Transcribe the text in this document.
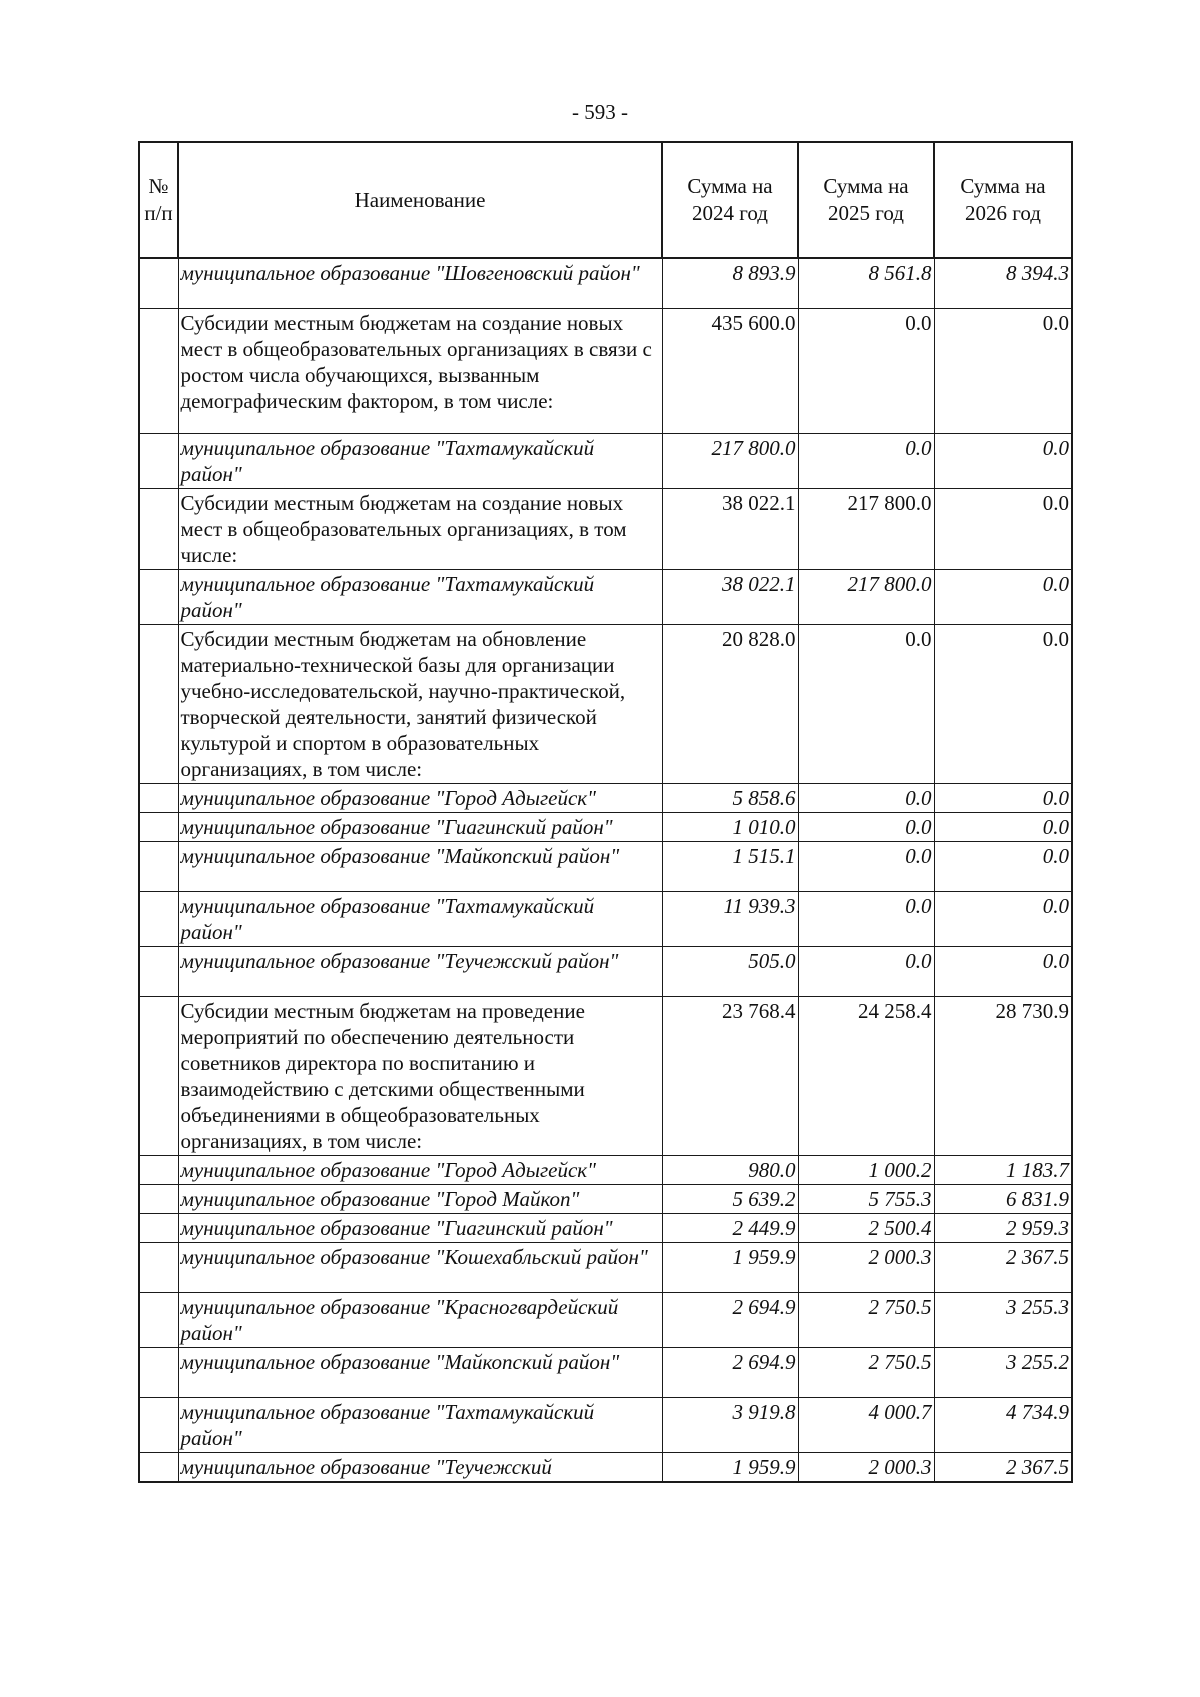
- 593 -
№ п/п	Наименование	Сумма на 2024 год	Сумма на 2025 год	Сумма на 2026 год
	муниципальное образование "Шовгеновский район"	8 893.9	8 561.8	8 394.3
	Субсидии местным бюджетам на создание новых мест в общеобразовательных организациях в связи с ростом числа обучающихся, вызванным демографическим фактором, в том числе:	435 600.0	0.0	0.0
	муниципальное образование "Тахтамукайский район"	217 800.0	0.0	0.0
	Субсидии местным бюджетам на создание новых мест в общеобразовательных организациях, в том числе:	38 022.1	217 800.0	0.0
	муниципальное образование "Тахтамукайский район"	38 022.1	217 800.0	0.0
	Субсидии местным бюджетам на обновление материально-технической базы для организации учебно-исследовательской, научно-практической, творческой деятельности, занятий физической культурой и спортом в образовательных организациях, в том числе:	20 828.0	0.0	0.0
	муниципальное образование "Город Адыгейск"	5 858.6	0.0	0.0
	муниципальное образование "Гиагинский район"	1 010.0	0.0	0.0
	муниципальное образование "Майкопский район"	1 515.1	0.0	0.0
	муниципальное образование "Тахтамукайский район"	11 939.3	0.0	0.0
	муниципальное образование "Теучежский район"	505.0	0.0	0.0
	Субсидии местным бюджетам на проведение мероприятий по обеспечению деятельности советников директора по воспитанию и взаимодействию с детскими общественными объединениями в общеобразовательных организациях, в том числе:	23 768.4	24 258.4	28 730.9
	муниципальное образование "Город Адыгейск"	980.0	1 000.2	1 183.7
	муниципальное образование "Город Майкоп"	5 639.2	5 755.3	6 831.9
	муниципальное образование "Гиагинский район"	2 449.9	2 500.4	2 959.3
	муниципальное образование "Кошехабльский район"	1 959.9	2 000.3	2 367.5
	муниципальное образование "Красногвардейский район"	2 694.9	2 750.5	3 255.3
	муниципальное образование "Майкопский район"	2 694.9	2 750.5	3 255.2
	муниципальное образование "Тахтамукайский район"	3 919.8	4 000.7	4 734.9
	муниципальное образование "Теучежский	1 959.9	2 000.3	2 367.5
